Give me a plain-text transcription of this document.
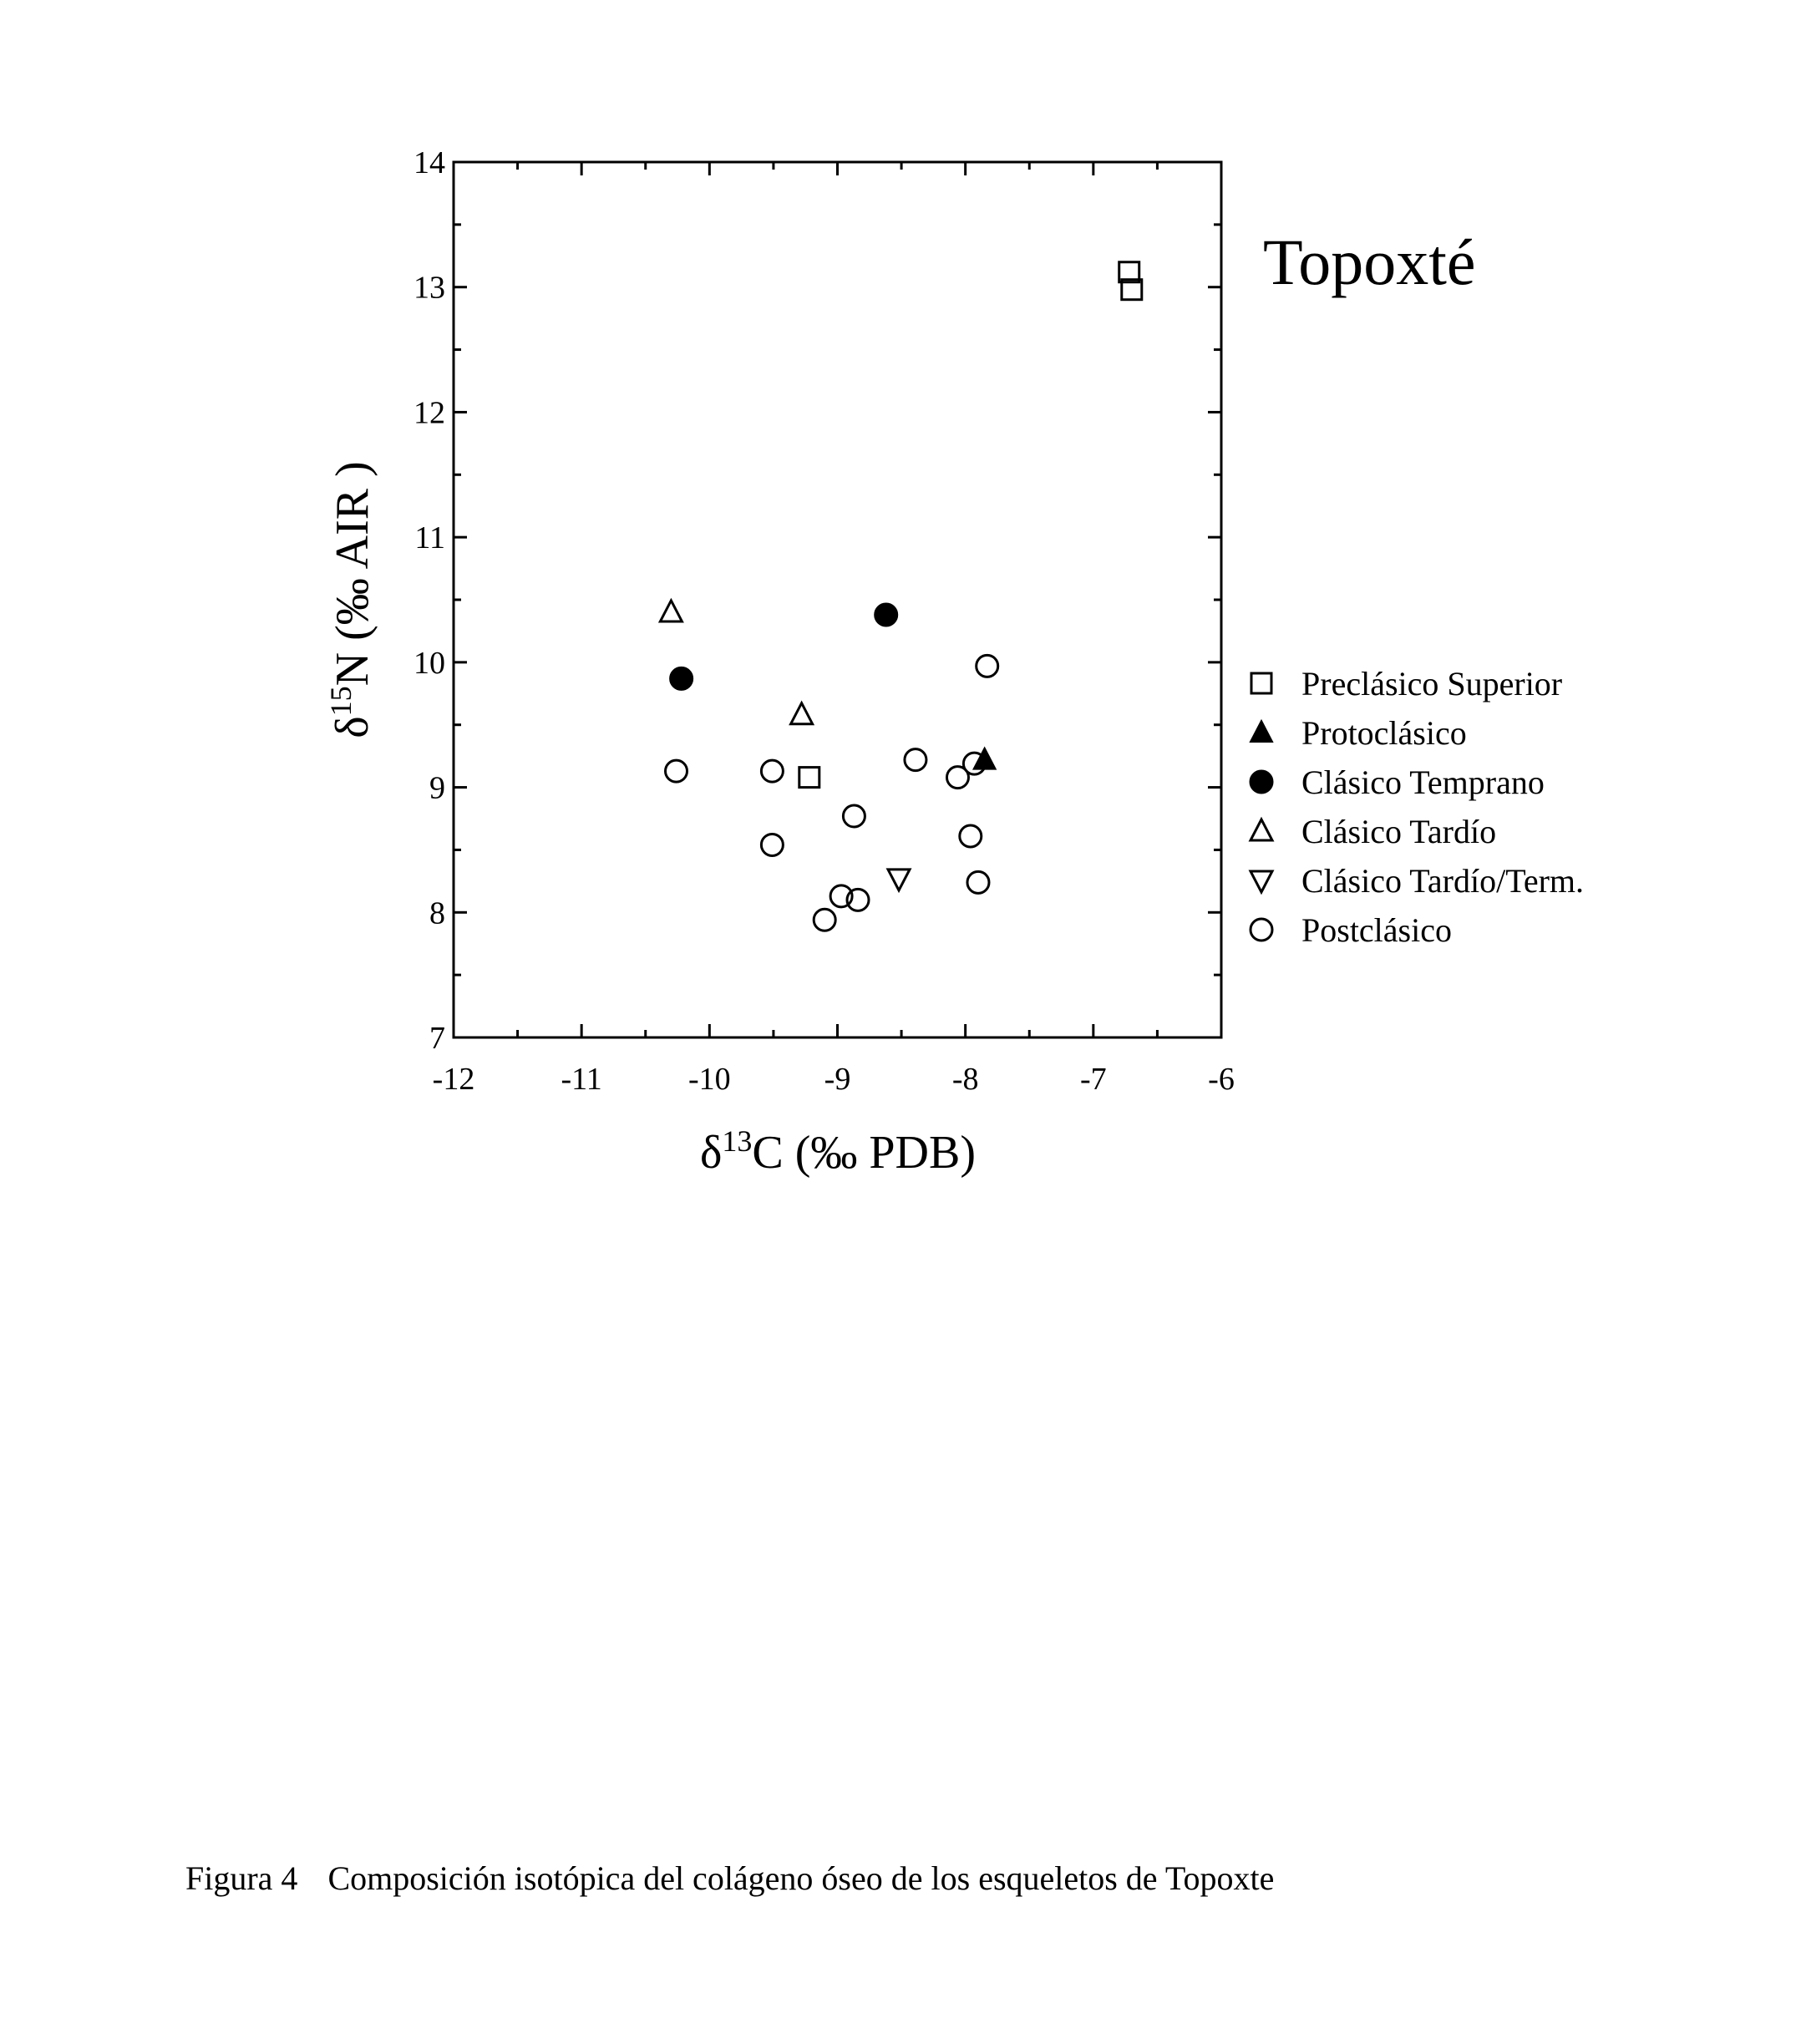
-12	-11	-10	-9	-8	-7	-6
7
8
9
10
11
12
13
14
$\delta^{13}C$ (‰ PDB)
$\delta^{15}N$ (‰ AIR )
Topoxté
Preclásico Superior
Protoclásico
Clásico Temprano
Clásico Tardío
Clásico Tardío/Term.
Postclásico
Figura 4 Composición isotópica del colágeno óseo de los esqueletos de Topoxte
